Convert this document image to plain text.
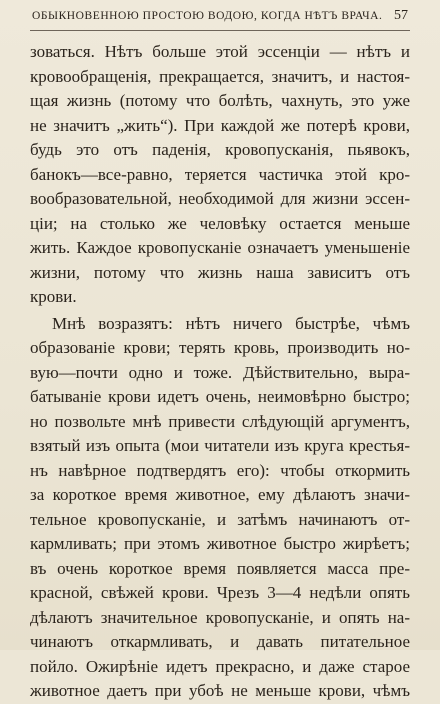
ОБЫКНОВЕННОЮ ПРОСТОЮ ВОДОЮ, КОГДА НѢТЪ ВРАЧА. 57
зоваться. Нѣтъ больше этой эссенціи — нѣтъ и
кровообращенія, прекращается, значитъ, и настоя-
щая жизнь (потому что болѣть, чахнуть, это уже
не значитъ „жить“). При каждой же потерѣ крови,
будь это отъ паденія, кровопусканія, пьявокъ,
банокъ—все-равно, теряется частичка этой кро-
вообразовательной, необходимой для жизни эссен-
ціи; на столько же человѣку остается меньше
жить. Каждое кровопусканіе означаетъ уменьшеніе
жизни, потому что жизнь наша зависитъ отъ
крови.
Мнѣ возразятъ: нѣтъ ничего быстрѣе, чѣмъ
образованіе крови; терять кровь, производить но-
вую—почти одно и тоже. Дѣйствительно, выра-
батываніе крови идетъ очень, неимовѣрно быстро;
но позвольте мнѣ привести слѣдующій аргументъ,
взятый изъ опыта (мои читатели изъ круга крестья-
нъ навѣрное подтвердятъ его): чтобы откормить
за короткое время животное, ему дѣлаютъ значи-
тельное кровопусканіе, и затѣмъ начинаютъ от-
кармливать; при этомъ животное быстро жирѣетъ;
въ очень короткое время появляется масса пре-
красной, свѣжей крови. Чрезъ 3—4 недѣли опять
дѣлаютъ значительное кровопусканіе, и опять на-
чинаютъ откармливать, и давать питательное
пойло. Ожирѣніе идетъ прекрасно, и даже старое
животное даетъ при убоѣ не меньше крови, чѣмъ
